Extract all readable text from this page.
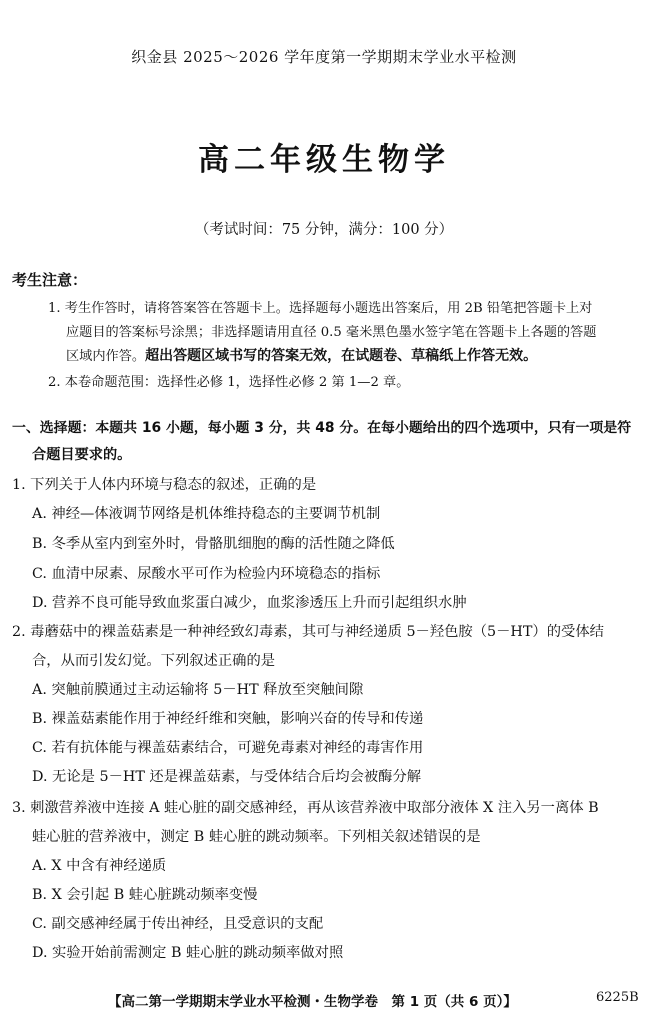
织金县 2025～2026 学年度第一学期期末学业水平检测
高二年级生物学
（考试时间：75 分钟，满分：100 分）
考生注意：
1. 考生作答时，请将答案答在答题卡上。选择题每小题选出答案后，用 2B 铅笔把答题卡上对
应题目的答案标号涂黑；非选择题请用直径 0.5 毫米黑色墨水签字笔在答题卡上各题的答题
区域内作答。超出答题区域书写的答案无效，在试题卷、草稿纸上作答无效。
2. 本卷命题范围：选择性必修 1，选择性必修 2 第 1—2 章。
一、选择题：本题共 16 小题，每小题 3 分，共 48 分。在每小题给出的四个选项中，只有一项是符
合题目要求的。
1. 下列关于人体内环境与稳态的叙述，正确的是
A. 神经—体液调节网络是机体维持稳态的主要调节机制
B. 冬季从室内到室外时，骨骼肌细胞的酶的活性随之降低
C. 血清中尿素、尿酸水平可作为检验内环境稳态的指标
D. 营养不良可能导致血浆蛋白减少，血浆渗透压上升而引起组织水肿
2. 毒蘑菇中的裸盖菇素是一种神经致幻毒素，其可与神经递质 5－羟色胺（5－HT）的受体结
合，从而引发幻觉。下列叙述正确的是
A. 突触前膜通过主动运输将 5－HT 释放至突触间隙
B. 裸盖菇素能作用于神经纤维和突触，影响兴奋的传导和传递
C. 若有抗体能与裸盖菇素结合，可避免毒素对神经的毒害作用
D. 无论是 5－HT 还是裸盖菇素，与受体结合后均会被酶分解
3. 刺激营养液中连接 A 蛙心脏的副交感神经，再从该营养液中取部分液体 X 注入另一离体 B
蛙心脏的营养液中，测定 B 蛙心脏的跳动频率。下列相关叙述错误的是
A. X 中含有神经递质
B. X 会引起 B 蛙心脏跳动频率变慢
C. 副交感神经属于传出神经，且受意识的支配
D. 实验开始前需测定 B 蛙心脏的跳动频率做对照
【高二第一学期期末学业水平检测・生物学卷　第 1 页（共 6 页）】	6225B
